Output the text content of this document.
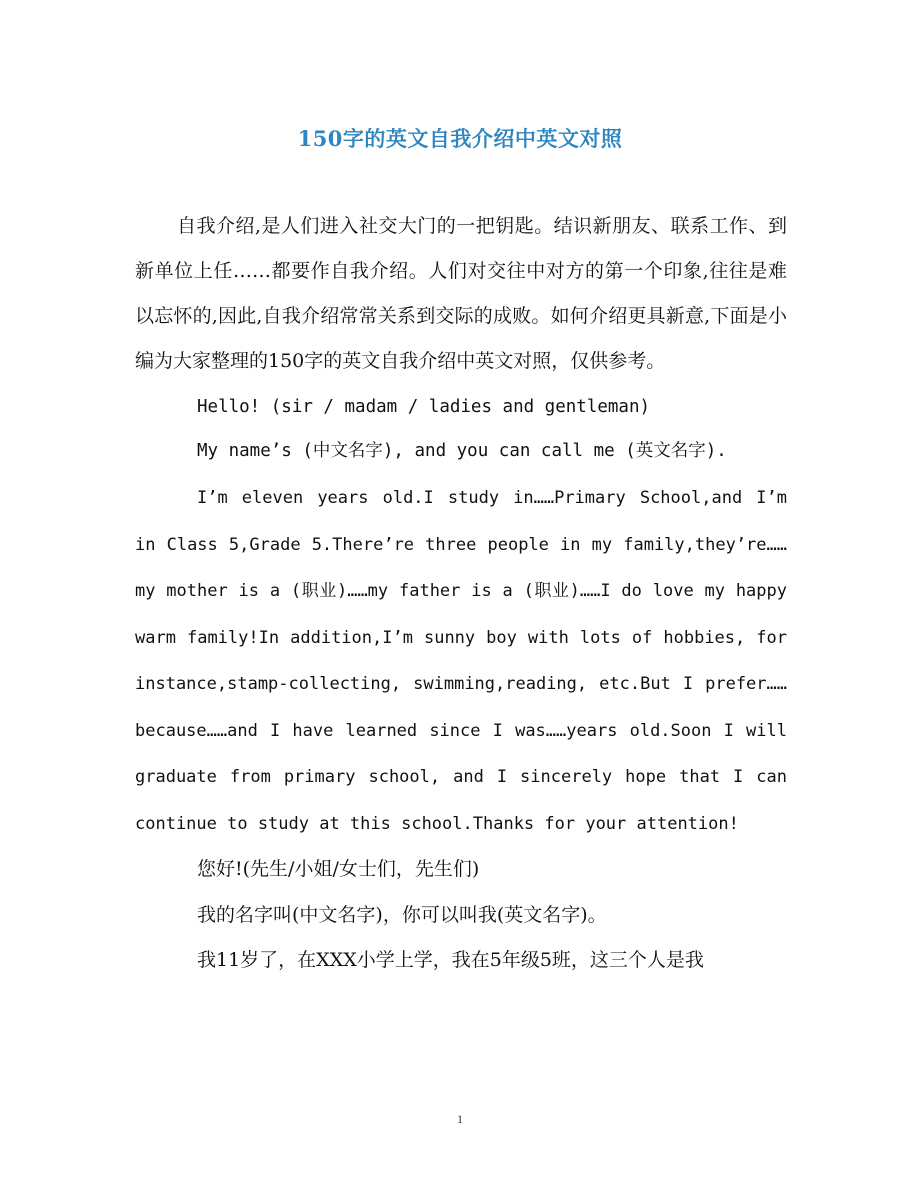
150字的英文自我介绍中英文对照

自我介绍,是人们进入社交大门的一把钥匙。结识新朋友、联系工作、到新单位上任……都要作自我介绍。人们对交往中对方的第一个印象,往往是难以忘怀的,因此,自我介绍常常关系到交际的成败。如何介绍更具新意,下面是小编为大家整理的150字的英文自我介绍中英文对照，仅供参考。

Hello! (sir / madam / ladies and gentleman)

My name’s (中文名字), and you can call me (英文名字).

I’m eleven years old.I study in……Primary School,and I’m in Class 5,Grade 5.There’re three people in my family,they’re……my mother is a (职业)……my father is a (职业)……I do love my happy warm family!In addition,I’m sunny boy with lots of hobbies, for instance,stamp-collecting, swimming,reading, etc.But I prefer……because……and I have learned since I was……years old.Soon I will graduate from primary school, and I sincerely hope that I can continue to study at this school.Thanks for your attention!

您好!(先生/小姐/女士们，先生们)

我的名字叫(中文名字)，你可以叫我(英文名字)。

我11岁了，在XXX小学上学，我在5年级5班，这三个人是我

1
